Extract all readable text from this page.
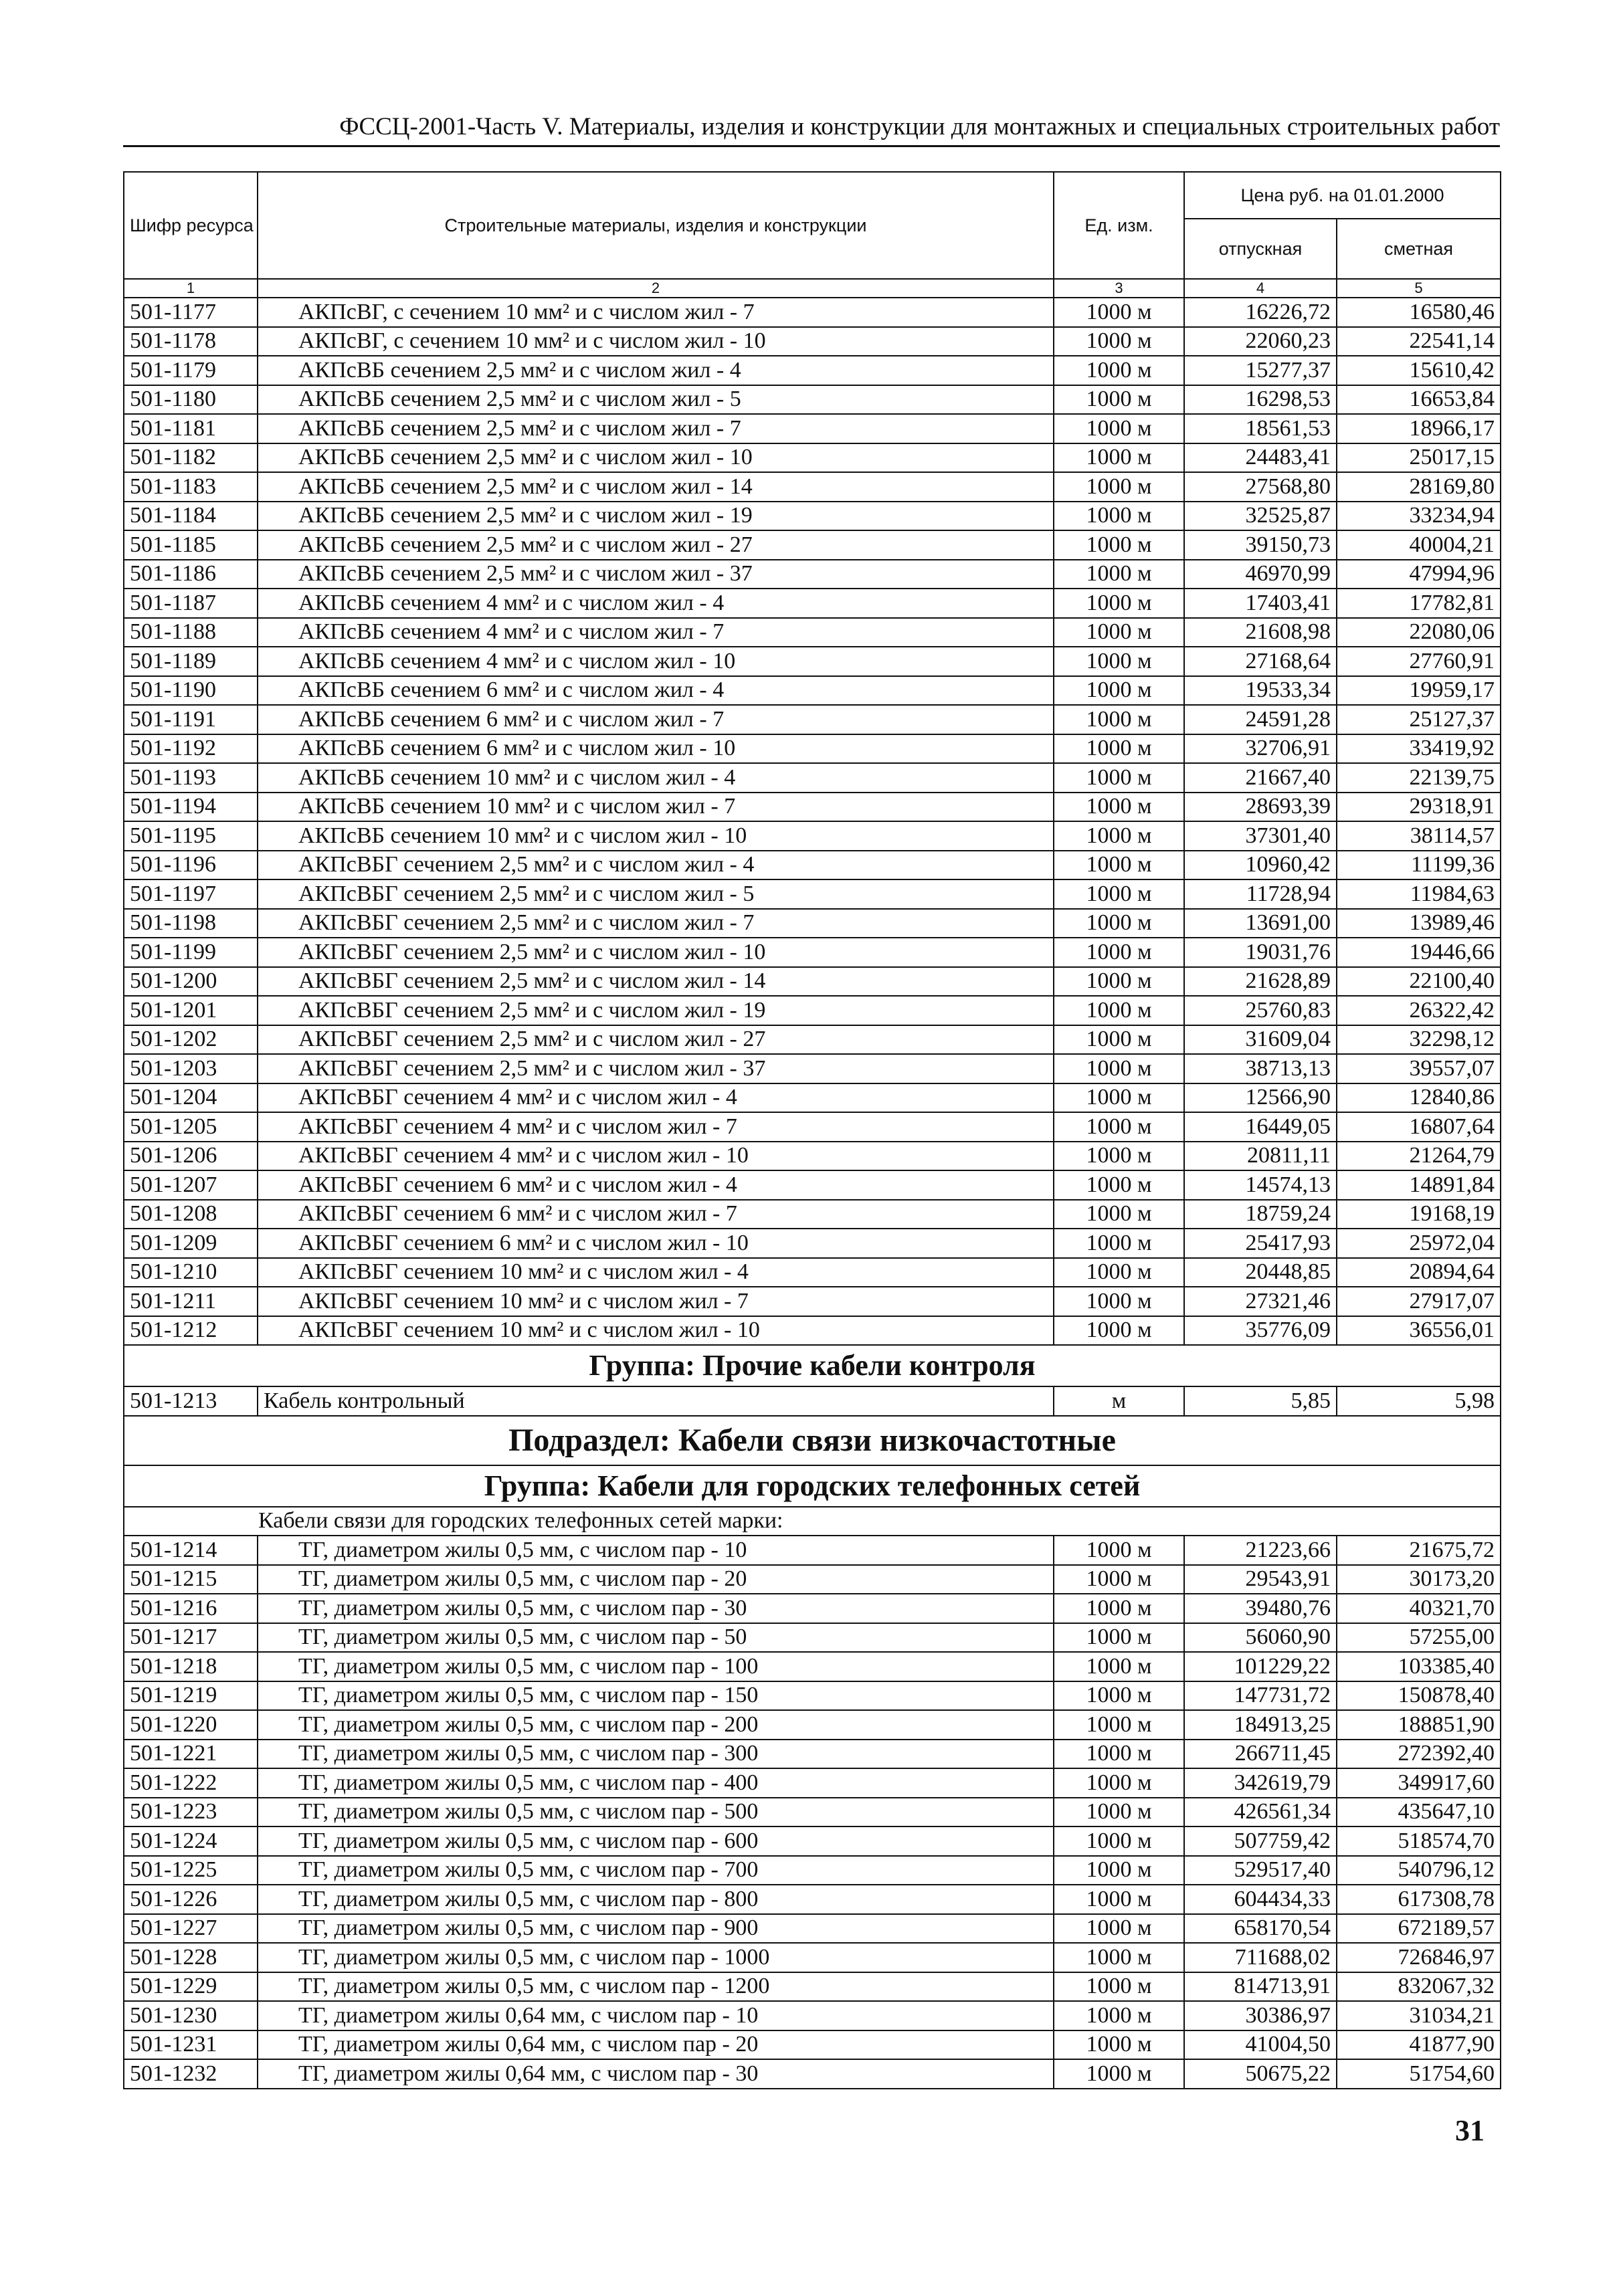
ФССЦ-2001-Часть V. Материалы, изделия и конструкции для монтажных и специальных строительных работ
Шифр ресурса	Строительные материалы, изделия и конструкции	Ед. изм.	Цена руб. на 01.01.2000	
			отпускная	сметная
1	2	3	4	5
501-1177	АКПсВГ, с сечением 10 мм² и с числом жил - 7	1000 м	16226,72	16580,46
501-1178	АКПсВГ, с сечением 10 мм² и с числом жил - 10	1000 м	22060,23	22541,14
501-1179	АКПсВБ сечением 2,5 мм² и с числом жил - 4	1000 м	15277,37	15610,42
501-1180	АКПсВБ сечением 2,5 мм² и с числом жил - 5	1000 м	16298,53	16653,84
501-1181	АКПсВБ сечением 2,5 мм² и с числом жил - 7	1000 м	18561,53	18966,17
501-1182	АКПсВБ сечением 2,5 мм² и с числом жил - 10	1000 м	24483,41	25017,15
501-1183	АКПсВБ сечением 2,5 мм² и с числом жил - 14	1000 м	27568,80	28169,80
501-1184	АКПсВБ сечением 2,5 мм² и с числом жил - 19	1000 м	32525,87	33234,94
501-1185	АКПсВБ сечением 2,5 мм² и с числом жил - 27	1000 м	39150,73	40004,21
501-1186	АКПсВБ сечением 2,5 мм² и с числом жил - 37	1000 м	46970,99	47994,96
501-1187	АКПсВБ сечением 4 мм² и с числом жил - 4	1000 м	17403,41	17782,81
501-1188	АКПсВБ сечением 4 мм² и с числом жил - 7	1000 м	21608,98	22080,06
501-1189	АКПсВБ сечением 4 мм² и с числом жил - 10	1000 м	27168,64	27760,91
501-1190	АКПсВБ сечением 6 мм² и с числом жил - 4	1000 м	19533,34	19959,17
501-1191	АКПсВБ сечением 6 мм² и с числом жил - 7	1000 м	24591,28	25127,37
501-1192	АКПсВБ сечением 6 мм² и с числом жил - 10	1000 м	32706,91	33419,92
501-1193	АКПсВБ сечением 10 мм² и с числом жил - 4	1000 м	21667,40	22139,75
501-1194	АКПсВБ сечением 10 мм² и с числом жил - 7	1000 м	28693,39	29318,91
501-1195	АКПсВБ сечением 10 мм² и с числом жил - 10	1000 м	37301,40	38114,57
501-1196	АКПсВБГ сечением 2,5 мм² и с числом жил - 4	1000 м	10960,42	11199,36
501-1197	АКПсВБГ сечением 2,5 мм² и с числом жил - 5	1000 м	11728,94	11984,63
501-1198	АКПсВБГ сечением 2,5 мм² и с числом жил - 7	1000 м	13691,00	13989,46
501-1199	АКПсВБГ сечением 2,5 мм² и с числом жил - 10	1000 м	19031,76	19446,66
501-1200	АКПсВБГ сечением 2,5 мм² и с числом жил - 14	1000 м	21628,89	22100,40
501-1201	АКПсВБГ сечением 2,5 мм² и с числом жил - 19	1000 м	25760,83	26322,42
501-1202	АКПсВБГ сечением 2,5 мм² и с числом жил - 27	1000 м	31609,04	32298,12
501-1203	АКПсВБГ сечением 2,5 мм² и с числом жил - 37	1000 м	38713,13	39557,07
501-1204	АКПсВБГ сечением 4 мм² и с числом жил - 4	1000 м	12566,90	12840,86
501-1205	АКПсВБГ сечением 4 мм² и с числом жил - 7	1000 м	16449,05	16807,64
501-1206	АКПсВБГ сечением 4 мм² и с числом жил - 10	1000 м	20811,11	21264,79
501-1207	АКПсВБГ сечением 6 мм² и с числом жил - 4	1000 м	14574,13	14891,84
501-1208	АКПсВБГ сечением 6 мм² и с числом жил - 7	1000 м	18759,24	19168,19
501-1209	АКПсВБГ сечением 6 мм² и с числом жил - 10	1000 м	25417,93	25972,04
501-1210	АКПсВБГ сечением 10 мм² и с числом жил - 4	1000 м	20448,85	20894,64
501-1211	АКПсВБГ сечением 10 мм² и с числом жил - 7	1000 м	27321,46	27917,07
501-1212	АКПсВБГ сечением 10 мм² и с числом жил - 10	1000 м	35776,09	36556,01
Группа: Прочие кабели контроля				
501-1213	Кабель контрольный	м	5,85	5,98
Подраздел: Кабели связи низкочастотные				
Группа: Кабели для городских телефонных сетей				
Кабели связи для городских телефонных сетей марки:				
501-1214	ТГ, диаметром жилы 0,5 мм, с числом пар - 10	1000 м	21223,66	21675,72
501-1215	ТГ, диаметром жилы 0,5 мм, с числом пар - 20	1000 м	29543,91	30173,20
501-1216	ТГ, диаметром жилы 0,5 мм, с числом пар - 30	1000 м	39480,76	40321,70
501-1217	ТГ, диаметром жилы 0,5 мм, с числом пар - 50	1000 м	56060,90	57255,00
501-1218	ТГ, диаметром жилы 0,5 мм, с числом пар - 100	1000 м	101229,22	103385,40
501-1219	ТГ, диаметром жилы 0,5 мм, с числом пар - 150	1000 м	147731,72	150878,40
501-1220	ТГ, диаметром жилы 0,5 мм, с числом пар - 200	1000 м	184913,25	188851,90
501-1221	ТГ, диаметром жилы 0,5 мм, с числом пар - 300	1000 м	266711,45	272392,40
501-1222	ТГ, диаметром жилы 0,5 мм, с числом пар - 400	1000 м	342619,79	349917,60
501-1223	ТГ, диаметром жилы 0,5 мм, с числом пар - 500	1000 м	426561,34	435647,10
501-1224	ТГ, диаметром жилы 0,5 мм, с числом пар - 600	1000 м	507759,42	518574,70
501-1225	ТГ, диаметром жилы 0,5 мм, с числом пар - 700	1000 м	529517,40	540796,12
501-1226	ТГ, диаметром жилы 0,5 мм, с числом пар - 800	1000 м	604434,33	617308,78
501-1227	ТГ, диаметром жилы 0,5 мм, с числом пар - 900	1000 м	658170,54	672189,57
501-1228	ТГ, диаметром жилы 0,5 мм, с числом пар - 1000	1000 м	711688,02	726846,97
501-1229	ТГ, диаметром жилы 0,5 мм, с числом пар - 1200	1000 м	814713,91	832067,32
501-1230	ТГ, диаметром жилы 0,64 мм, с числом пар - 10	1000 м	30386,97	31034,21
501-1231	ТГ, диаметром жилы 0,64 мм, с числом пар - 20	1000 м	41004,50	41877,90
501-1232	ТГ, диаметром жилы 0,64 мм, с числом пар - 30	1000 м	50675,22	51754,60
31
